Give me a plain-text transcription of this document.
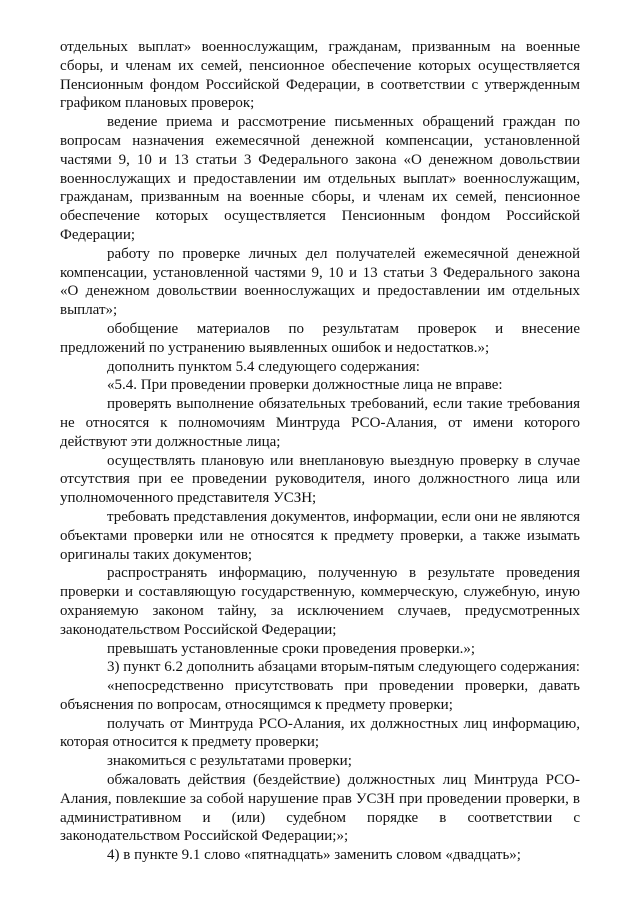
отдельных выплат» военнослужащим, гражданам, призванным на военные сборы, и членам их семей, пенсионное обеспечение которых осуществляется Пенсионным фондом Российской Федерации, в соответствии с утвержденным графиком плановых проверок;

ведение приема и рассмотрение письменных обращений граждан по вопросам назначения ежемесячной денежной компенсации, установленной частями 9, 10 и 13 статьи 3 Федерального закона «О денежном довольствии военнослужащих и предоставлении им отдельных выплат» военнослужащим, гражданам, призванным на военные сборы, и членам их семей, пенсионное обеспечение которых осуществляется Пенсионным фондом Российской Федерации;

работу по проверке личных дел получателей ежемесячной денежной компенсации, установленной частями 9, 10 и 13 статьи 3 Федерального закона «О денежном довольствии военнослужащих и предоставлении им отдельных выплат»;

обобщение материалов по результатам проверок и внесение предложений по устранению выявленных ошибок и недостатков.»;

дополнить пунктом 5.4 следующего содержания:

«5.4. При проведении проверки должностные лица не вправе:

проверять выполнение обязательных требований, если такие требования не относятся к полномочиям Минтруда РСО-Алания, от имени которого действуют эти должностные лица;

осуществлять плановую или внеплановую выездную проверку в случае отсутствия при ее проведении руководителя, иного должностного лица или уполномоченного представителя УСЗН;

требовать представления документов, информации, если они не являются объектами проверки или не относятся к предмету проверки, а также изымать оригиналы таких документов;

распространять информацию, полученную в результате проведения проверки и составляющую государственную, коммерческую, служебную, иную охраняемую законом тайну, за исключением случаев, предусмотренных законодательством Российской Федерации;

превышать установленные сроки проведения проверки.»;

3) пункт 6.2 дополнить абзацами вторым-пятым следующего содержания:

«непосредственно присутствовать при проведении проверки, давать объяснения по вопросам, относящимся к предмету проверки;

получать от Минтруда РСО-Алания, их должностных лиц информацию, которая относится к предмету проверки;

знакомиться с результатами проверки;

обжаловать действия (бездействие) должностных лиц Минтруда РСО-Алания, повлекшие за собой нарушение прав УСЗН при проведении проверки, в административном и (или) судебном порядке в соответствии с законодательством Российской Федерации;»;

4) в пункте 9.1 слово «пятнадцать» заменить словом «двадцать»;
